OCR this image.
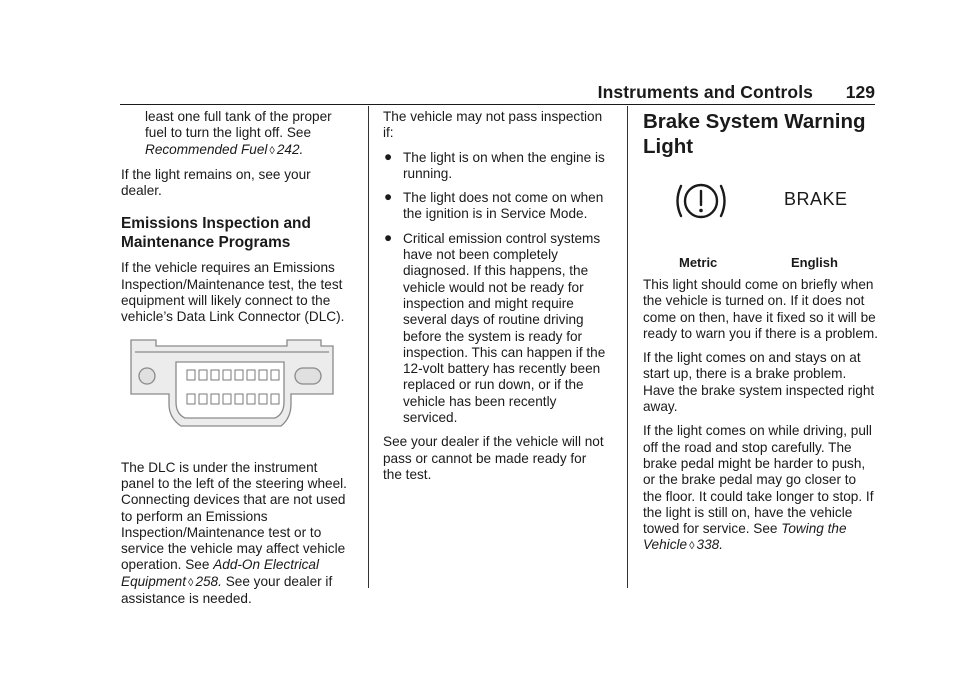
Instruments and Controls 129
least one full tank of the proper fuel to turn the light off. See
Recommended Fuel ◊ 242.

If the light remains on, see your dealer.

Emissions Inspection and Maintenance Programs

If the vehicle requires an Emissions Inspection/Maintenance test, the test equipment will likely connect to the vehicle’s Data Link Connector (DLC).

The DLC is under the instrument panel to the left of the steering wheel. Connecting devices that are not used to perform an Emissions Inspection/Maintenance test or to service the vehicle may affect vehicle operation. See Add-On Electrical Equipment ◊ 258. See your dealer if assistance is needed.

The vehicle may not pass inspection if:

● The light is on when the engine is running.
● The light does not come on when the ignition is in Service Mode.
● Critical emission control systems have not been completely diagnosed. If this happens, the vehicle would not be ready for inspection and might require several days of routine driving before the system is ready for inspection. This can happen if the 12-volt battery has recently been replaced or run down, or if the vehicle has been recently serviced.

See your dealer if the vehicle will not pass or cannot be made ready for the test.

Brake System Warning Light
BRAKE
Metric	English

This light should come on briefly when the vehicle is turned on. If it does not come on then, have it fixed so it will be ready to warn you if there is a problem.

If the light comes on and stays on at start up, there is a brake problem. Have the brake system inspected right away.

If the light comes on while driving, pull off the road and stop carefully. The brake pedal might be harder to push, or the brake pedal may go closer to the floor. It could take longer to stop. If the light is still on, have the vehicle towed for service. See Towing the Vehicle ◊ 338.
